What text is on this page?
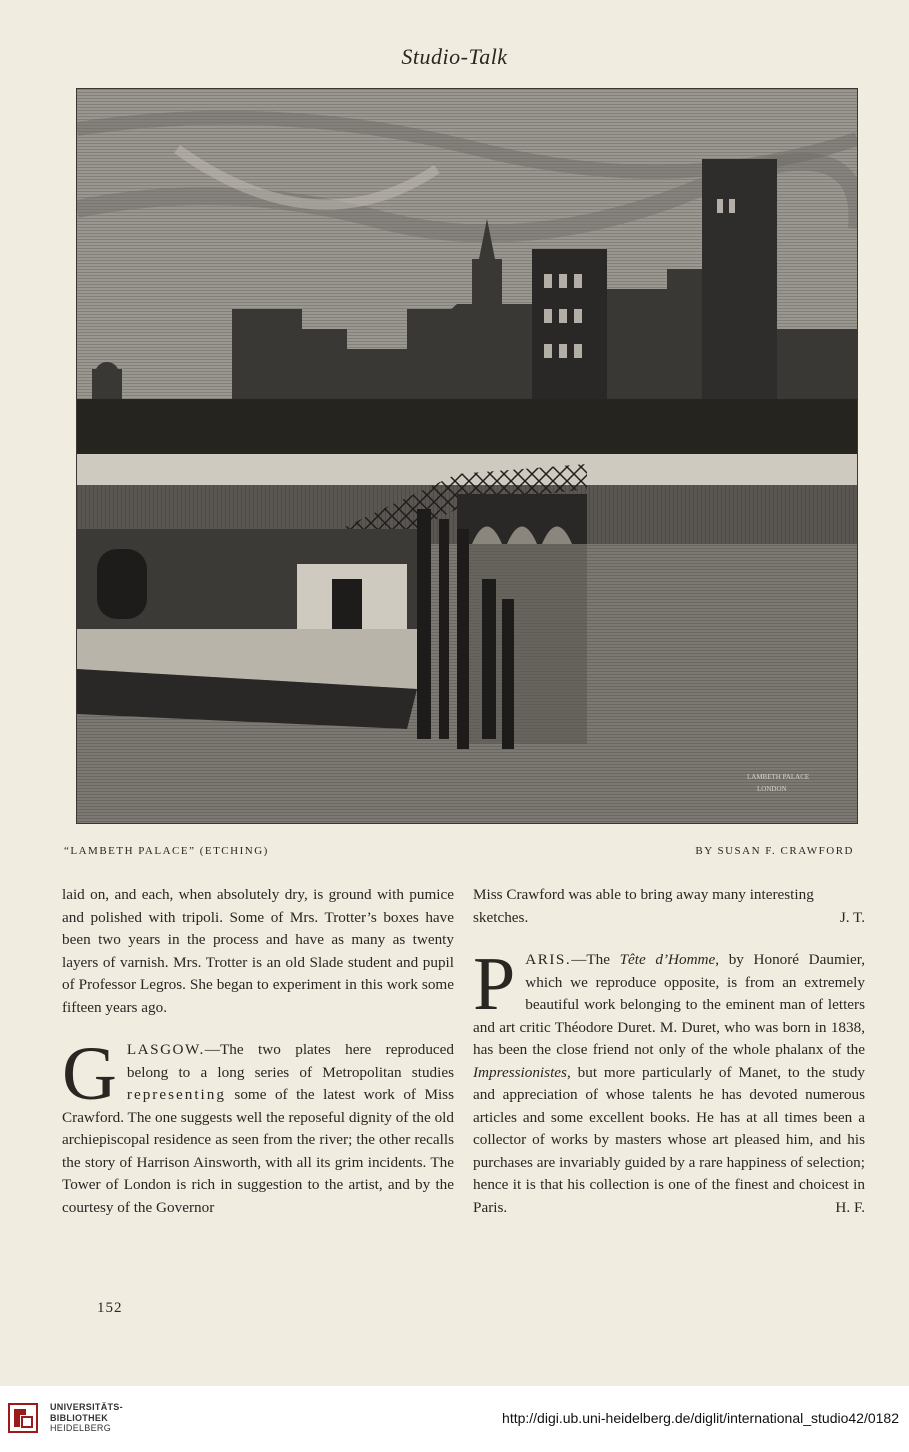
Studio-Talk
LAMBETH PALACE
LONDON
“LAMBETH PALACE” (ETCHING)	BY SUSAN F. CRAWFORD

laid on, and each, when absolutely dry, is ground with pumice and polished with tripoli. Some of Mrs. Trotter’s boxes have been two years in the process and have as many as twenty layers of varnish. Mrs. Trotter is an old Slade student and pupil of Professor Legros. She began to experiment in this work some fifteen years ago.

GLASGOW.—The two plates here reproduced belong to a long series of Metropolitan studies representing some of the latest work of Miss Crawford. The one suggests well the reposeful dignity of the old archiepiscopal residence as seen from the river; the other recalls the story of Harrison Ainsworth, with all its grim incidents. The Tower of London is rich in suggestion to the artist, and by the courtesy of the Governor

Miss Crawford was able to bring away many interesting sketches.	J. T.

PARIS.—The Tête d’Homme, by Honoré Daumier, which we reproduce opposite, is from an extremely beautiful work belonging to the eminent man of letters and art critic Théodore Duret. M. Duret, who was born in 1838, has been the close friend not only of the whole phalanx of the Impressionistes, but more particularly of Manet, to the study and appreciation of whose talents he has devoted numerous articles and some excellent books. He has at all times been a collector of works by masters whose art pleased him, and his purchases are invariably guided by a rare happiness of selection; hence it is that his collection is one of the finest and choicest in Paris.	H. F.

152
UNIVERSITÄTS-
BIBLIOTHEK
HEIDELBERG
http://digi.ub.uni-heidelberg.de/diglit/international_studio42/0182
